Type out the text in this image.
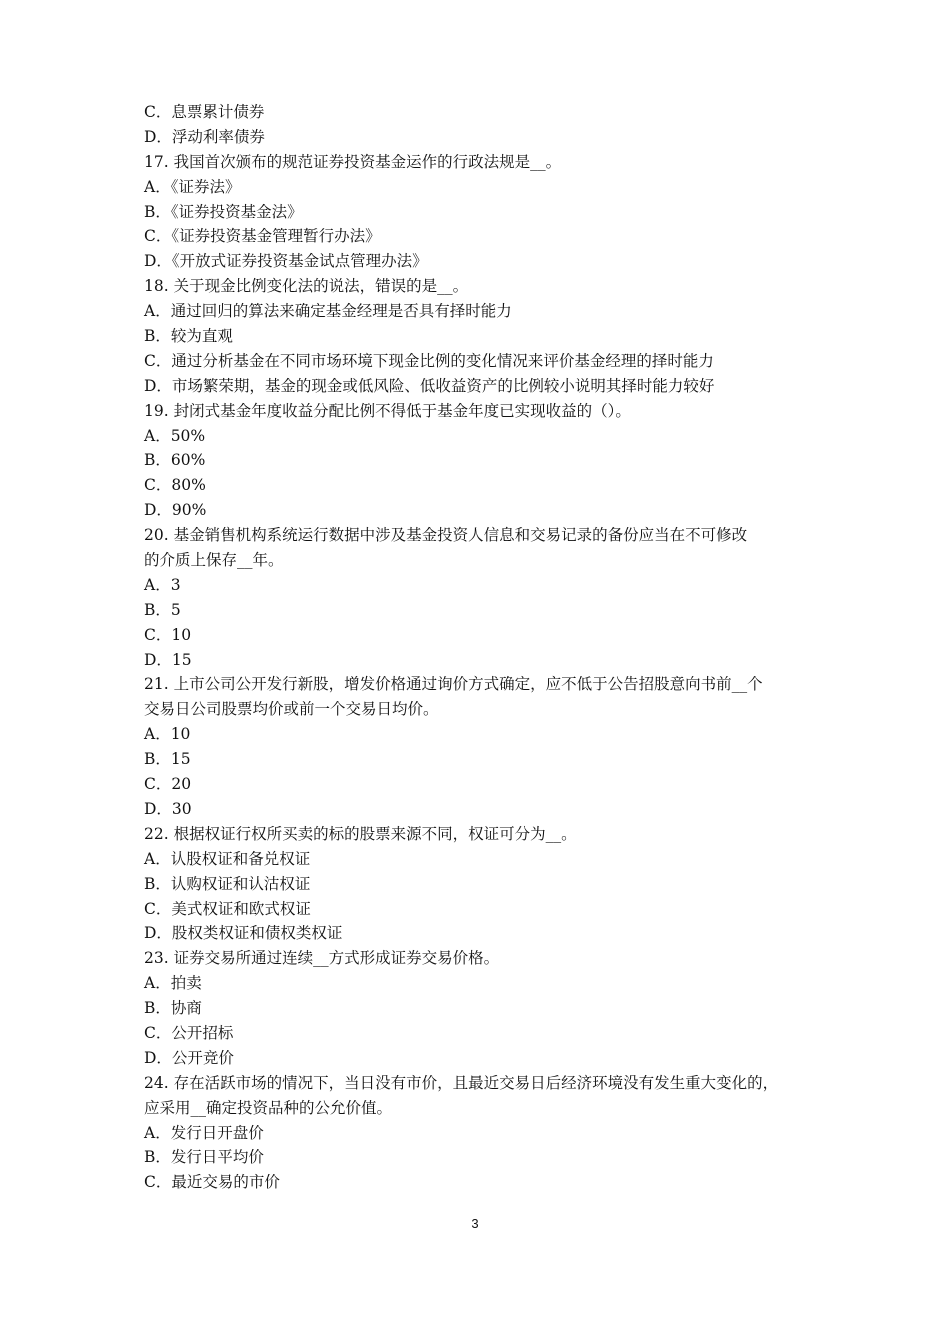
C．息票累计债券
D．浮动利率债券
17. 我国首次颁布的规范证券投资基金运作的行政法规是__。
A．《证券法》
B．《证券投资基金法》
C．《证券投资基金管理暂行办法》
D．《开放式证券投资基金试点管理办法》
18. 关于现金比例变化法的说法，错误的是__。
A．通过回归的算法来确定基金经理是否具有择时能力
B．较为直观
C．通过分析基金在不同市场环境下现金比例的变化情况来评价基金经理的择时能力
D．市场繁荣期，基金的现金或低风险、低收益资产的比例较小说明其择时能力较好
19. 封闭式基金年度收益分配比例不得低于基金年度已实现收益的（）。
A．50%
B．60%
C．80%
D．90%
20. 基金销售机构系统运行数据中涉及基金投资人信息和交易记录的备份应当在不可修改
的介质上保存__年。
A．3
B．5
C．10
D．15
21. 上市公司公开发行新股，增发价格通过询价方式确定，应不低于公告招股意向书前__个
交易日公司股票均价或前一个交易日均价。
A．10
B．15
C．20
D．30
22. 根据权证行权所买卖的标的股票来源不同，权证可分为__。
A．认股权证和备兑权证
B．认购权证和认沽权证
C．美式权证和欧式权证
D．股权类权证和债权类权证
23. 证券交易所通过连续__方式形成证券交易价格。
A．拍卖
B．协商
C．公开招标
D．公开竞价
24. 存在活跃市场的情况下，当日没有市价，且最近交易日后经济环境没有发生重大变化的，
应采用__确定投资品种的公允价值。
A．发行日开盘价
B．发行日平均价
C．最近交易的市价
3
